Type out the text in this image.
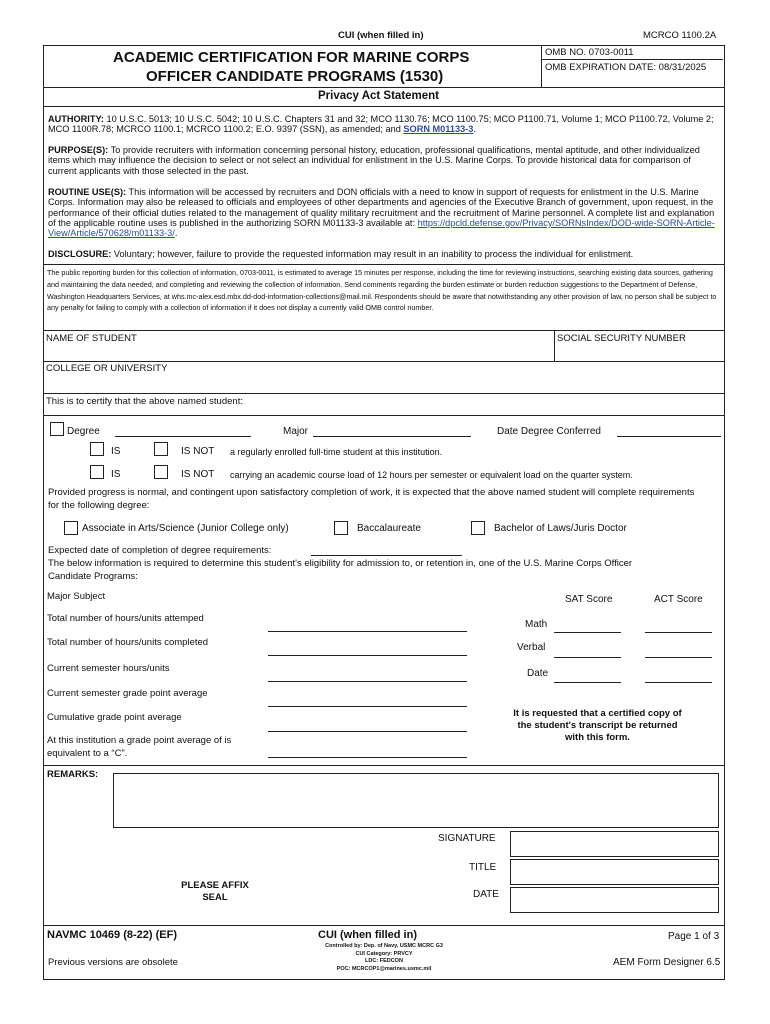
CUI (when filled in)	MCRCO 1100.2A
ACADEMIC CERTIFICATION FOR MARINE CORPS
OFFICER CANDIDATE PROGRAMS (1530)
OMB NO. 0703-0011
OMB EXPIRATION DATE: 08/31/2025
Privacy Act Statement
AUTHORITY: 10 U.S.C. 5013; 10 U.S.C. 5042; 10 U.S.C. Chapters 31 and 32; MCO 1130.76; MCO 1100.75; MCO P1100.71, Volume 1; MCO P1100.72, Volume 2; MCO 1100R.78; MCRCO 1100.1; MCRCO 1100.2; E.O. 9397 (SSN), as amended; and SORN M01133-3.
PURPOSE(S): To provide recruiters with information concerning personal history, education, professional qualifications, mental aptitude, and other individualized items which may influence the decision to select or not select an individual for enlistment in the U.S. Marine Corps. To provide historical data for comparison of current applicants with those selected in the past.
ROUTINE USE(S): This information will be accessed by recruiters and DON officials with a need to know in support of requests for enlistment in the U.S. Marine Corps. Information may also be released to officials and employees of other departments and agencies of the Executive Branch of government, upon request, in the performance of their official duties related to the management of quality military recruitment and the recruitment of Marine personnel. A complete list and explanation of the applicable routine uses is published in the authorizing SORN M01133-3 available at: https://dpcld.defense.gov/Privacy/SORNsIndex/DOD-wide-SORN-Article-View/Article/570628/m01133-3/.
DISCLOSURE: Voluntary; however, failure to provide the requested information may result in an inability to process the individual for enlistment.
The public reporting burden for this collection of information, 0703-0011, is estimated to average 15 minutes per response, including the time for reviewing instructions, searching existing data sources, gathering and maintaining the data needed, and completing and reviewing the collection of information. Send comments regarding the burden estimate or burden reduction suggestions to the Department of Defense, Washington Headquarters Services, at whs.mc-alex.esd.mbx.dd-dod-information-collections@mail.mil. Respondents should be aware that notwithstanding any other provision of law, no person shall be subject to any penalty for failing to comply with a collection of information if it does not display a currently valid OMB control number.
NAME OF STUDENT	SOCIAL SECURITY NUMBER
COLLEGE OR UNIVERSITY
This is to certify that the above named student:
Degree	Major	Date Degree Conferred
IS	IS NOT a regularly enrolled full-time student at this institution.
IS	IS NOT carrying an academic course load of 12 hours per semester or equivalent load on the quarter system.
Provided progress is normal, and contingent upon satisfactory completion of work, it is expected that the above named student will complete requirements for the following degree:
Associate in Arts/Science (Junior College only)	Baccalaureate	Bachelor of Laws/Juris Doctor
Expected date of completion of degree requirements:
The below information is required to determine this student's eligibility for admission to, or retention in, one of the U.S. Marine Corps Officer Candidate Programs:
Major Subject
Total number of hours/units attemped
Total number of hours/units completed
Current semester hours/units
Current semester grade point average
Cumulative grade point average
At this institution a grade point average of is equivalent to a “C”.
SAT Score	ACT Score
Math
Verbal
Date
It is requested that a certified copy of the student's transcript be returned with this form.
REMARKS:
SIGNATURE
TITLE
DATE
PLEASE AFFIX SEAL
NAVMC 10469 (8-22) (EF)
Previous versions are obsolete
CUI (when filled in)
Controlled by: Dep. of Navy, USMC MCRC G3
CUI Category: PRVCY
LDC: FEDCON
POC: MCRCOP1@marines.usmc.mil
Page 1 of 3
AEM Form Designer 6.5
